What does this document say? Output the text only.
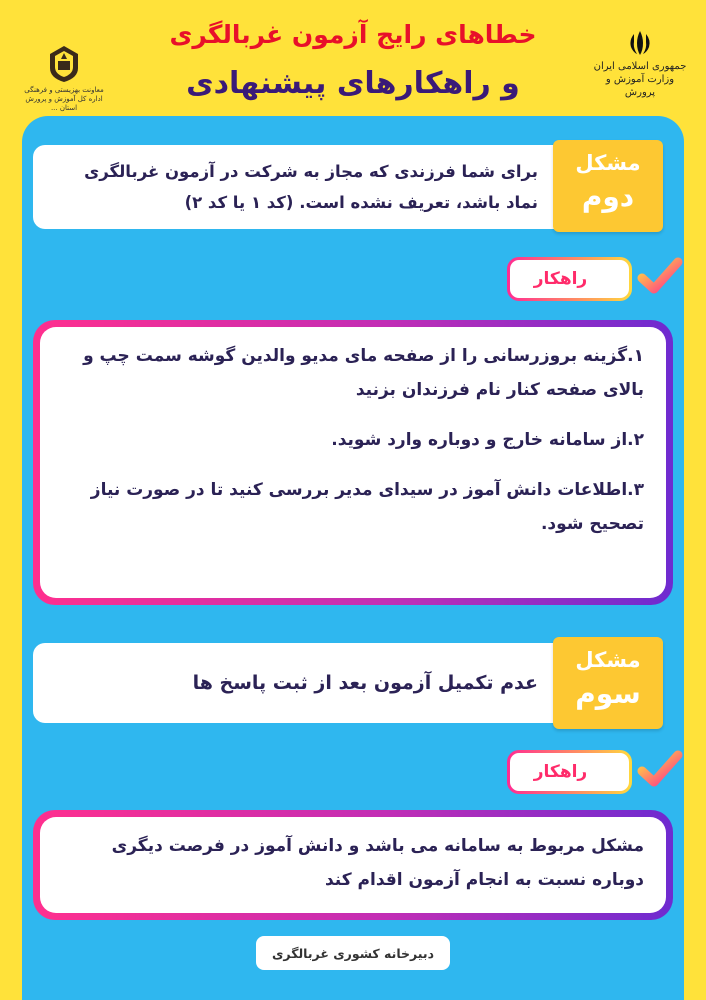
معاونت بهزیستی و فرهنگی
اداره کل آموزش و پرورش
استان ...
خطاهای رایج آزمون غربالگری
و راهکارهای پیشنهادی	جمهوری اسلامی ایران
وزارت آموزش و پرورش
برای شما فرزندی که مجاز به شرکت در آزمون غربالگری نماد باشد، تعریف نشده است. (کد ۱ یا کد ۲)
مشکل
دوم
راهکار

۱.گزینه بروزرسانی را از صفحه مای مدیو والدین گوشه سمت چپ و بالای صفحه کنار نام فرزندان بزنید

۲.از سامانه خارج و دوباره وارد شوید.

۳.اطلاعات دانش آموز در سیدای مدیر بررسی کنید تا در صورت نیاز تصحیح شود.

عدم تکمیل آزمون بعد از ثبت پاسخ ها
مشکل
سوم
راهکار

مشکل مربوط به سامانه می باشد و دانش آموز در فرصت دیگری دوباره نسبت به انجام آزمون اقدام کند

دبیرخانه کشوری غربالگری
